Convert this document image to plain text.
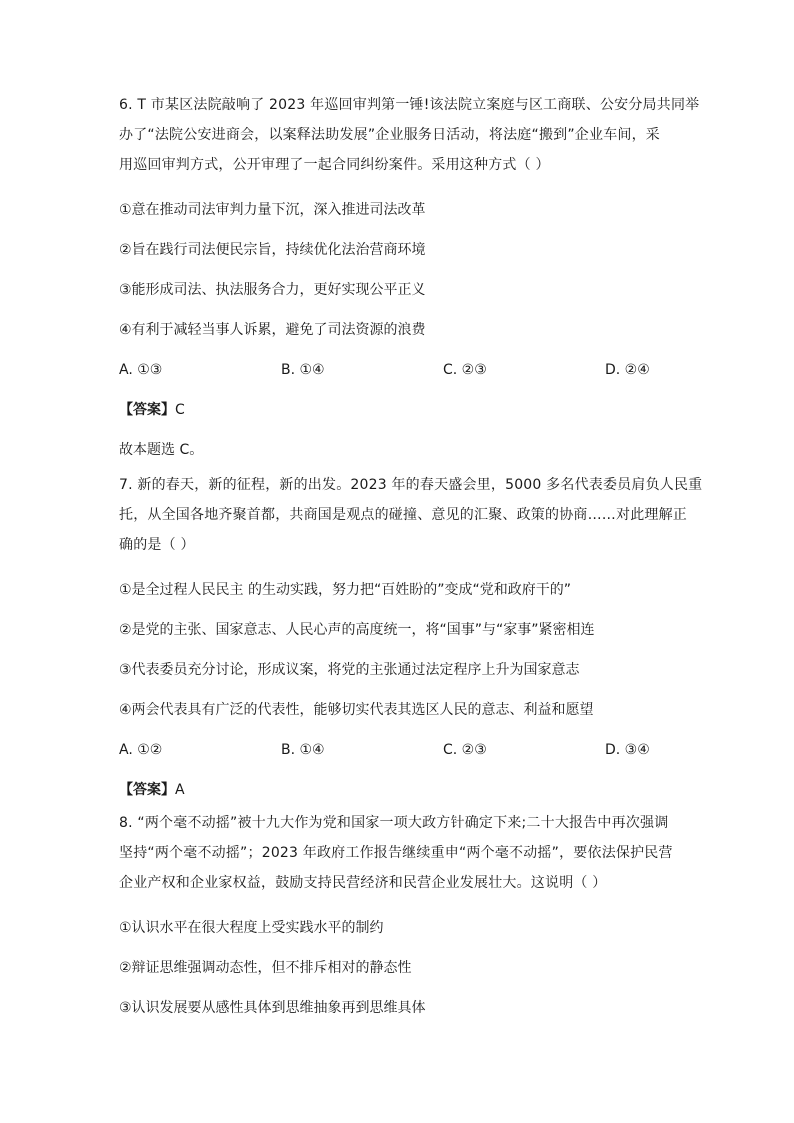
6. T 市某区法院敲响了 2023 年巡回审判第一锤!该法院立案庭与区工商联、公安分局共同举
办了“法院公安进商会，以案释法助发展”企业服务日活动，将法庭“搬到”企业车间，采
用巡回审判方式，公开审理了一起合同纠纷案件。采用这种方式（ ）
①意在推动司法审判力量下沉，深入推进司法改革
②旨在践行司法便民宗旨，持续优化法治营商环境
③能形成司法、执法服务合力，更好实现公平正义
④有利于减轻当事人诉累，避免了司法资源的浪费
A. ①③	B. ①④	C. ②③	D. ②④
【答案】C
故本题选 C。
7. 新的春天，新的征程，新的出发。2023 年的春天盛会里，5000 多名代表委员肩负人民重
托，从全国各地齐聚首都，共商国是观点的碰撞、意见的汇聚、政策的协商……对此理解正
确的是（ ）
①是全过程人民民主 的生动实践，努力把“百姓盼的”变成“党和政府干的”
②是党的主张、国家意志、人民心声的高度统一，将“国事”与“家事”紧密相连
③代表委员充分讨论，形成议案，将党的主张通过法定程序上升为国家意志
④两会代表具有广泛的代表性，能够切实代表其选区人民的意志、利益和愿望
A. ①②	B. ①④	C. ②③	D. ③④
【答案】A
8. “两个毫不动摇”被十九大作为党和国家一项大政方针确定下来;二十大报告中再次强调
坚持“两个毫不动摇”；2023 年政府工作报告继续重申“两个毫不动摇”，要依法保护民营
企业产权和企业家权益，鼓励支持民营经济和民营企业发展壮大。这说明（ ）
①认识水平在很大程度上受实践水平的制约
②辩证思维强调动态性，但不排斥相对的静态性
③认识发展要从感性具体到思维抽象再到思维具体
